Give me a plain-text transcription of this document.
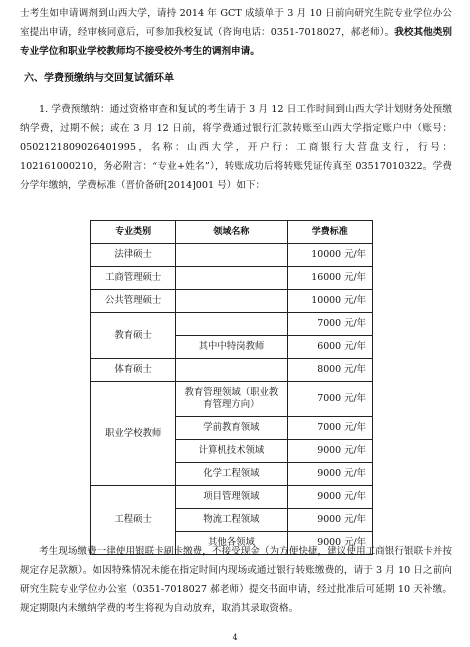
士考生如申请调剂到山西大学，请持 2014 年 GCT 成绩单于 3 月 10 日前向研究生院专业学位办公室提出申请，经审核同意后，可参加我校复试（咨询电话：0351-7018027，郝老师）。我校其他类别专业学位和职业学校教师均不接受校外考生的调剂申请。
六、学费预缴纳与交回复试循环单
1. 学费预缴纳：通过资格审查和复试的考生请于 3 月 12 日工作时间到山西大学计划财务处预缴纳学费，过期不候；或在 3 月 12 日前，将学费通过银行汇款转账至山西大学指定账户中（账号：0502121809026401995，名称：山西大学，开户行：工商银行大营盘支行，行号：102161000210，务必附言：“专业+姓名”），转账成功后将转账凭证传真至 03517010322。学费分学年缴纳，学费标准（晋价备研[2014]001 号）如下：
专业类别	领域名称	学费标准
法律硕士		10000 元/年
工商管理硕士		16000 元/年
公共管理硕士		10000 元/年
教育硕士		7000 元/年
	其中中特岗教师	6000 元/年
体育硕士		8000 元/年
职业学校教师	教育管理领域（职业教育管理方向）	7000 元/年
	学前教育领域	7000 元/年
	计算机技术领域	9000 元/年
	化学工程领域	9000 元/年
工程硕士	项目管理领域	9000 元/年
	物流工程领域	9000 元/年
	其他各领域	9000 元/年
考生现场缴费一律使用银联卡刷卡缴费，不接受现金（为方便快捷，建议使用工商银行银联卡并按规定存足款额）。如因特殊情况未能在指定时间内现场或通过银行转账缴费的，请于 3 月 10 日之前向研究生院专业学位办公室（0351-7018027 郝老师）提交书面申请，经过批准后可延期 10 天补缴。规定期限内未缴纳学费的考生将视为自动放弃，取消其录取资格。
4
